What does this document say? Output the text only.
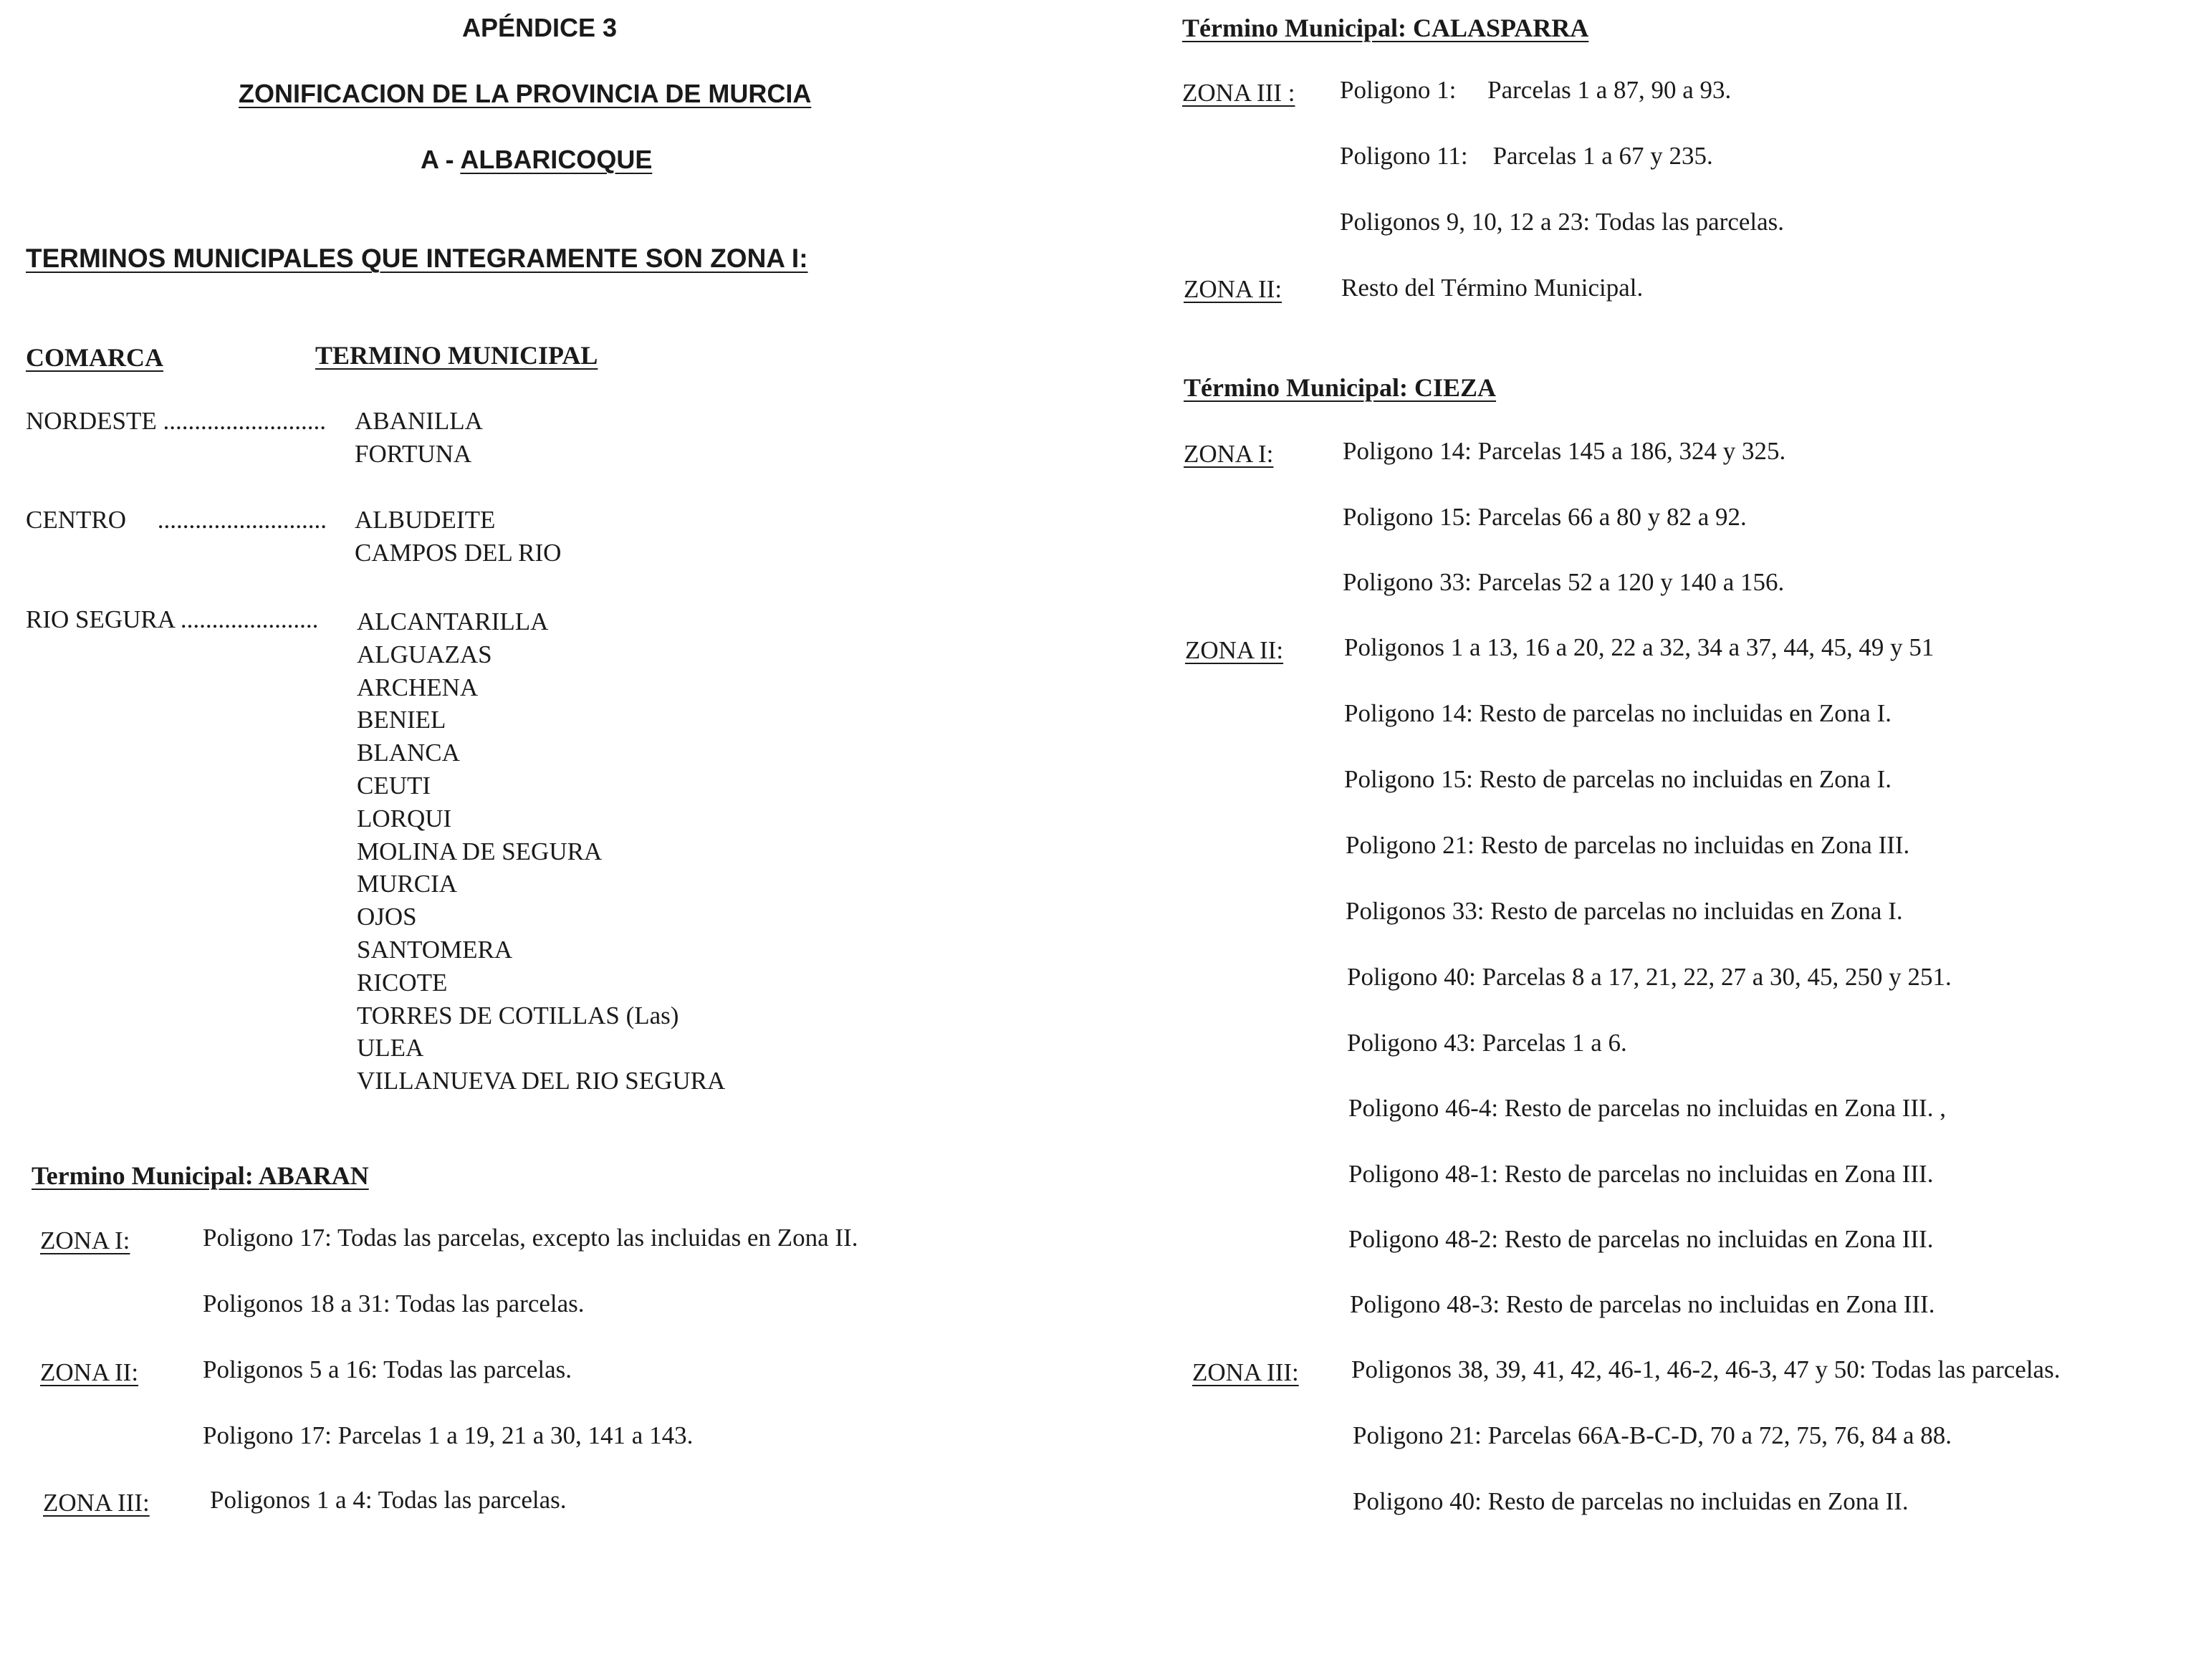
APÉNDICE 3
ZONIFICACION DE LA PROVINCIA DE MURCIA
A - ALBARICOQUE
TERMINOS MUNICIPALES QUE INTEGRAMENTE SON ZONA I:
COMARCA	TERMINO MUNICIPAL
NORDESTE .......................... ABANILLA
FORTUNA
CENTRO ........................... ALBUDEITE
CAMPOS DEL RIO
RIO SEGURA ...................... ALCANTARILLA
ALGUAZAS
ARCHENA
BENIEL
BLANCA
CEUTI
LORQUI
MOLINA DE SEGURA
MURCIA
OJOS
SANTOMERA
RICOTE
TORRES DE COTILLAS (Las)
ULEA
VILLANUEVA DEL RIO SEGURA
Termino Municipal: ABARAN
ZONA I:	Poligono 17: Todas las parcelas, excepto las incluidas en Zona II.
Poligonos 18 a 31: Todas las parcelas.
ZONA II:	Poligonos 5 a 16: Todas las parcelas.
Poligono 17: Parcelas 1 a 19, 21 a 30, 141 a 143.
ZONA III: Poligonos 1 a 4: Todas las parcelas.
Término Municipal: CALASPARRA
ZONA III : Poligono 1:     Parcelas 1 a 87, 90 a 93.
Poligono 11:    Parcelas 1 a 67 y 235.
Poligonos 9, 10, 12 a 23: Todas las parcelas.
ZONA II: Resto del Término Municipal.
Término Municipal: CIEZA
ZONA I:	Poligono 14: Parcelas 145 a 186, 324 y 325.
Poligono 15: Parcelas 66 a 80 y 82 a 92.
Poligono 33: Parcelas 52 a 120 y 140 a 156.
ZONA II: Poligonos 1 a 13, 16 a 20, 22 a 32, 34 a 37, 44, 45, 49 y 51
Poligono 14: Resto de parcelas no incluidas en Zona I.
Poligono 15: Resto de parcelas no incluidas en Zona I.
Poligono 21: Resto de parcelas no incluidas en Zona III.
Poligonos 33: Resto de parcelas no incluidas en Zona I.
Poligono 40: Parcelas 8 a 17, 21, 22, 27 a 30, 45, 250 y 251.
Poligono 43: Parcelas 1 a 6.
Poligono 46-4: Resto de parcelas no incluidas en Zona III. ,
Poligono 48-1: Resto de parcelas no incluidas en Zona III.
Poligono 48-2: Resto de parcelas no incluidas en Zona III.
Poligono 48-3: Resto de parcelas no incluidas en Zona III.
ZONA III: Poligonos 38, 39, 41, 42, 46-1, 46-2, 46-3, 47 y 50: Todas las parcelas.
Poligono 21: Parcelas 66A-B-C-D, 70 a 72, 75, 76, 84 a 88.
Poligono 40: Resto de parcelas no incluidas en Zona II.
